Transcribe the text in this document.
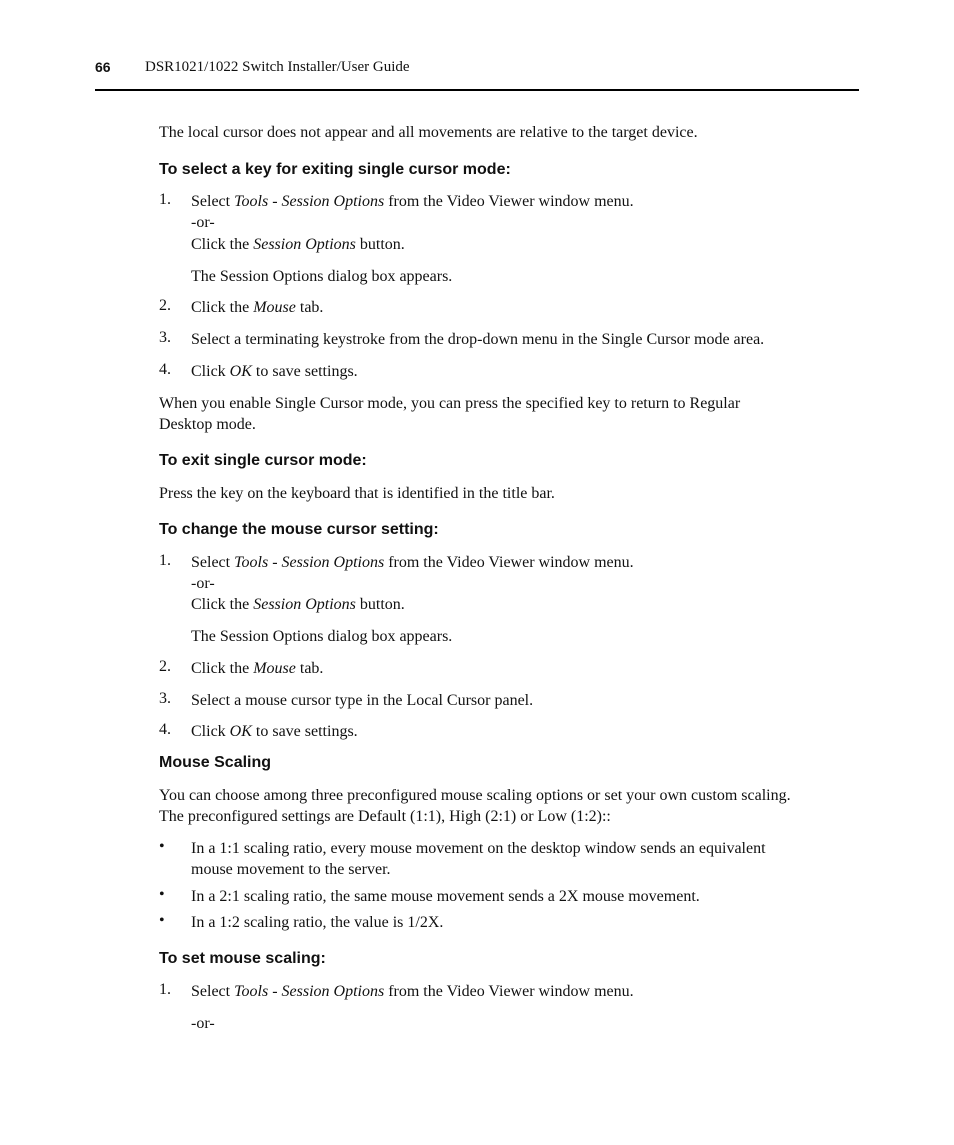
66 DSR1021/1022 Switch Installer/User Guide

The local cursor does not appear and all movements are relative to the target device.

To select a key for exiting single cursor mode:

1. Select Tools - Session Options from the Video Viewer window menu.

-or-

Click the Session Options button.

The Session Options dialog box appears.

2. Click the Mouse tab.

3. Select a terminating keystroke from the drop-down menu in the Single Cursor mode area.

4. Click OK to save settings.

When you enable Single Cursor mode, you can press the specified key to return to Regular
Desktop mode.

To exit single cursor mode:

Press the key on the keyboard that is identified in the title bar.

To change the mouse cursor setting:

1. Select Tools - Session Options from the Video Viewer window menu.

-or-

Click the Session Options button.

The Session Options dialog box appears.

2. Click the Mouse tab.

3. Select a mouse cursor type in the Local Cursor panel.

4. Click OK to save settings.

Mouse Scaling

You can choose among three preconfigured mouse scaling options or set your own custom scaling.
The preconfigured settings are Default (1:1), High (2:1) or Low (1:2)::

• In a 1:1 scaling ratio, every mouse movement on the desktop window sends an equivalent
mouse movement to the server.

• In a 2:1 scaling ratio, the same mouse movement sends a 2X mouse movement.

• In a 1:2 scaling ratio, the value is 1/2X.

To set mouse scaling:

1. Select Tools - Session Options from the Video Viewer window menu.

-or-
